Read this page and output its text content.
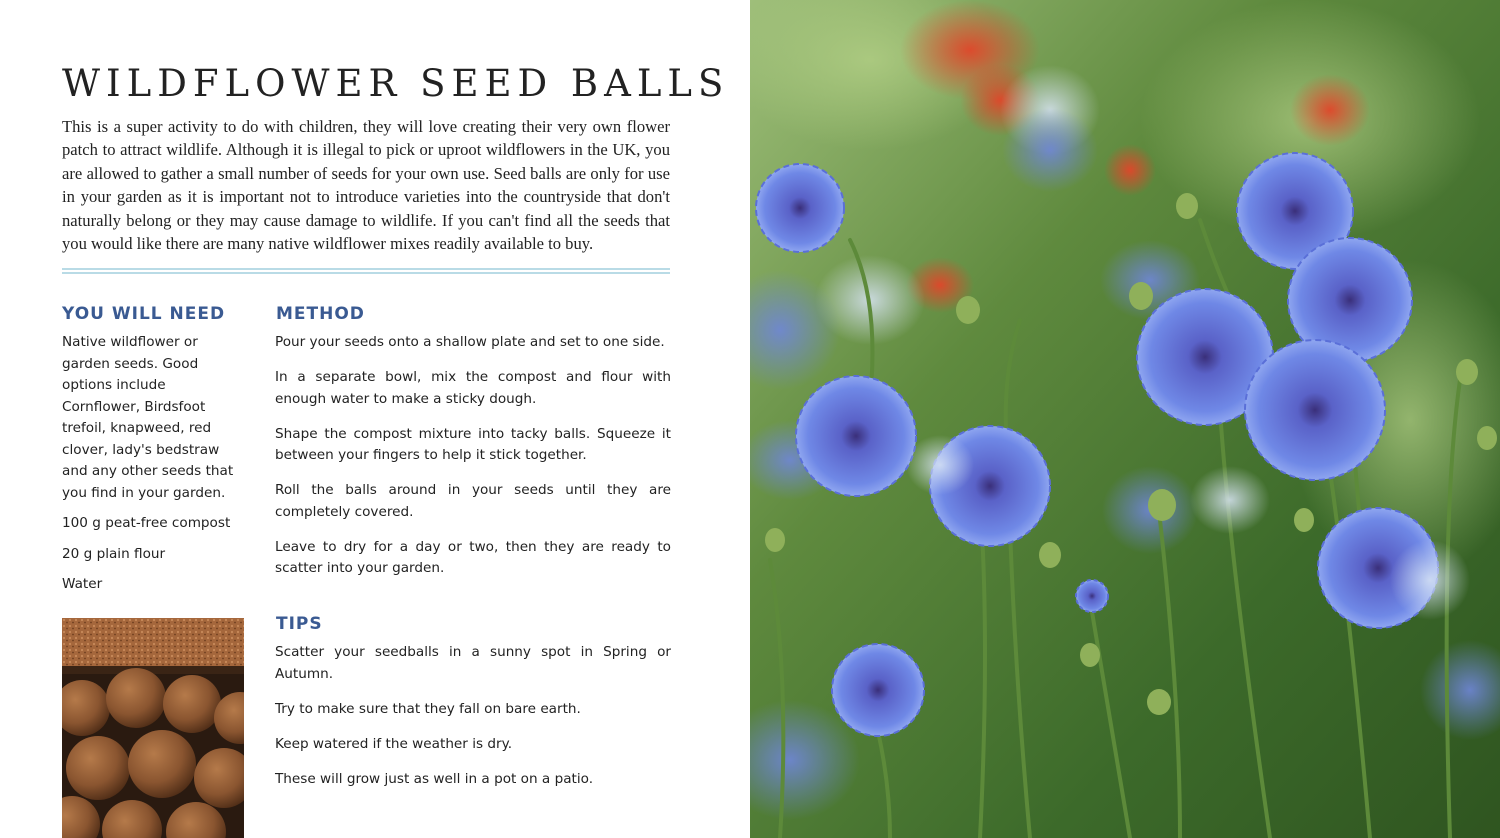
WILDFLOWER SEED BALLS

This is a super activity to do with children, they will love creating their very own flower patch to attract wildlife. Although it is illegal to pick or uproot wildflowers in the UK, you are allowed to gather a small number of seeds for your own use. Seed balls are only for use in your garden as it is important not to introduce varieties into the countryside that don't naturally belong or they may cause damage to wildlife. If you can't find all the seeds that you would like there are many native wildflower mixes readily available to buy.

YOU WILL NEED

Native wildflower or garden seeds. Good options include Cornflower, Birdsfoot trefoil, knapweed, red clover, lady's bedstraw and any other seeds that you find in your garden.

100 g peat-free compost

20 g plain flour

Water

METHOD

Pour your seeds onto a shallow plate and set to one side.

In a separate bowl, mix the compost and flour with enough water to make a sticky dough.

Shape the compost mixture into tacky balls. Squeeze it between your fingers to help it stick together.

Roll the balls around in your seeds until they are completely covered.

Leave to dry for a day or two, then they are ready to scatter into your garden.

TIPS

Scatter your seedballs in a sunny spot in Spring or Autumn.

Try to make sure that they fall on bare earth.

Keep watered if the weather is dry.

These will grow just as well in a pot on a patio.
